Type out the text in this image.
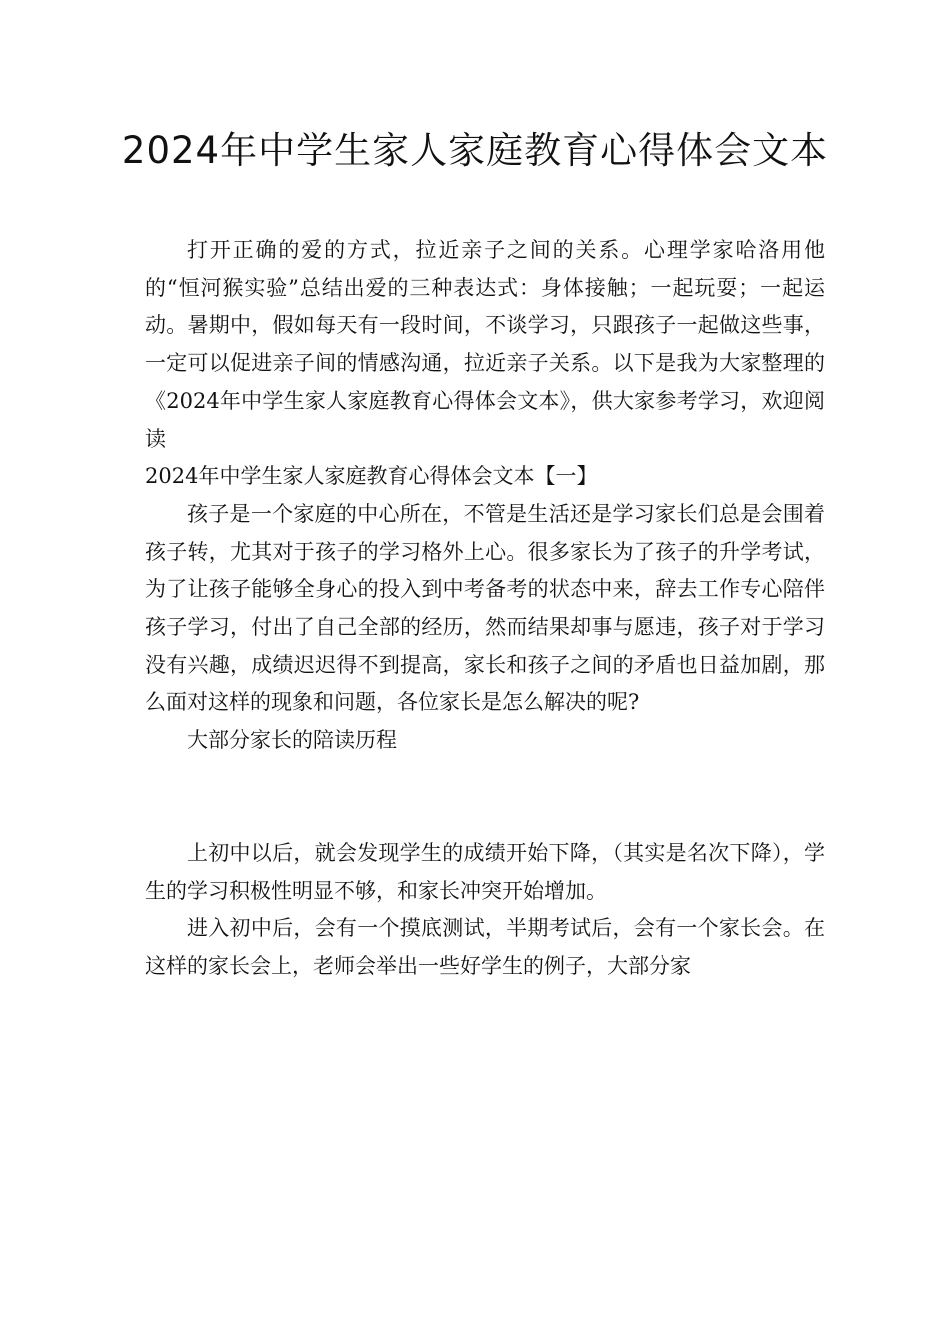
2024年中学生家人家庭教育心得体会文本

打开正确的爱的方式，拉近亲子之间的关系。心理学家哈洛用他的“恒河猴实验”总结出爱的三种表达式：身体接触；一起玩耍；一起运动。暑期中，假如每天有一段时间，不谈学习，只跟孩子一起做这些事，一定可以促进亲子间的情感沟通，拉近亲子关系。以下是我为大家整理的《2024年中学生家人家庭教育心得体会文本》，供大家参考学习，欢迎阅读

2024年中学生家人家庭教育心得体会文本【一】

孩子是一个家庭的中心所在，不管是生活还是学习家长们总是会围着孩子转，尤其对于孩子的学习格外上心。很多家长为了孩子的升学考试，为了让孩子能够全身心的投入到中考备考的状态中来，辞去工作专心陪伴孩子学习，付出了自己全部的经历，然而结果却事与愿违，孩子对于学习没有兴趣，成绩迟迟得不到提高，家长和孩子之间的矛盾也日益加剧，那么面对这样的现象和问题，各位家长是怎么解决的呢?

大部分家长的陪读历程

上初中以后，就会发现学生的成绩开始下降，（其实是名次下降），学生的学习积极性明显不够，和家长冲突开始增加。

进入初中后，会有一个摸底测试，半期考试后，会有一个家长会。在这样的家长会上，老师会举出一些好学生的例子，大部分家
